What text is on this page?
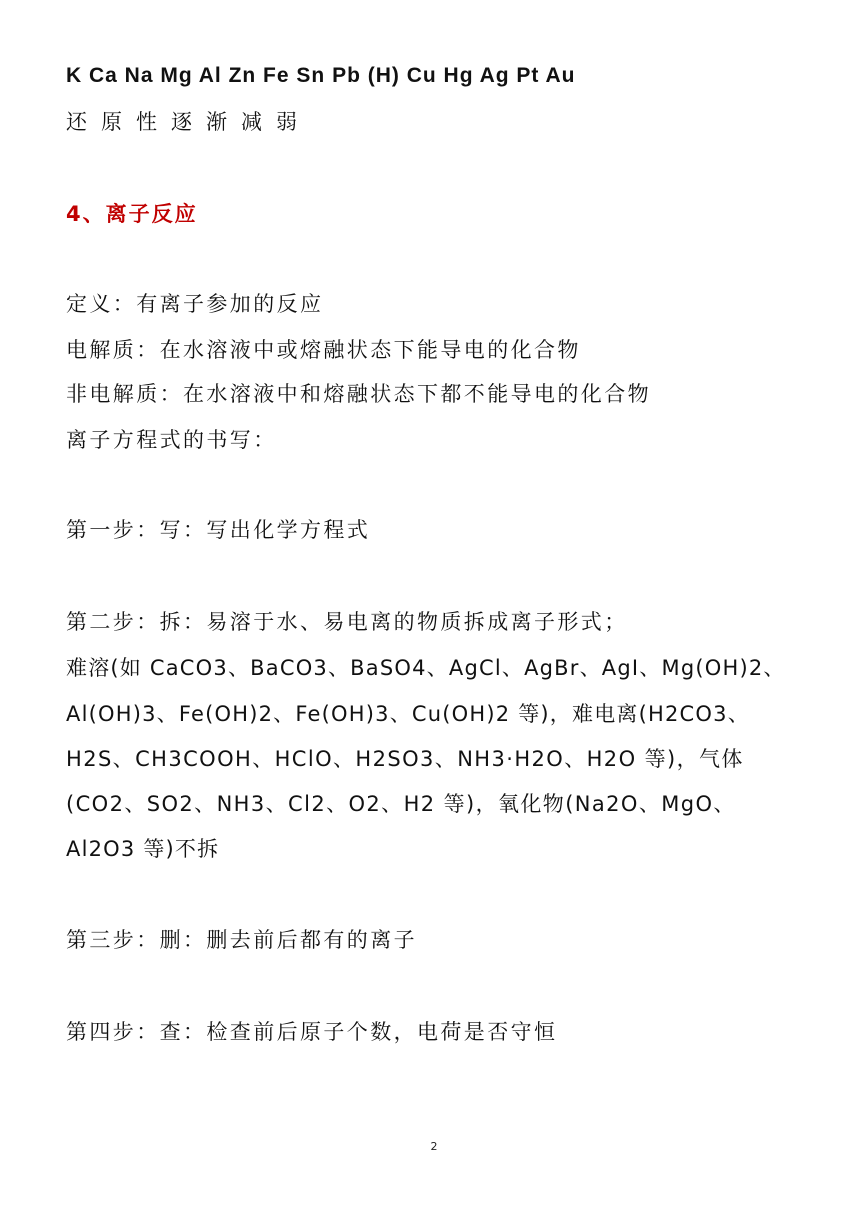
K Ca Na Mg Al Zn Fe Sn Pb (H) Cu Hg Ag Pt Au
还原性逐渐减弱
4、离子反应
定义：有离子参加的反应
电解质：在水溶液中或熔融状态下能导电的化合物
非电解质：在水溶液中和熔融状态下都不能导电的化合物
离子方程式的书写：
第一步：写：写出化学方程式
第二步：拆：易溶于水、易电离的物质拆成离子形式；
难溶(如 CaCO3、BaCO3、BaSO4、AgCl、AgBr、AgI、Mg(OH)2、
Al(OH)3、Fe(OH)2、Fe(OH)3、Cu(OH)2 等)，难电离(H2CO3、
H2S、CH3COOH、HClO、H2SO3、NH3·H2O、H2O 等)，气体
(CO2、SO2、NH3、Cl2、O2、H2 等)，氧化物(Na2O、MgO、
Al2O3 等)不拆
第三步：删：删去前后都有的离子
第四步：查：检查前后原子个数，电荷是否守恒
2
